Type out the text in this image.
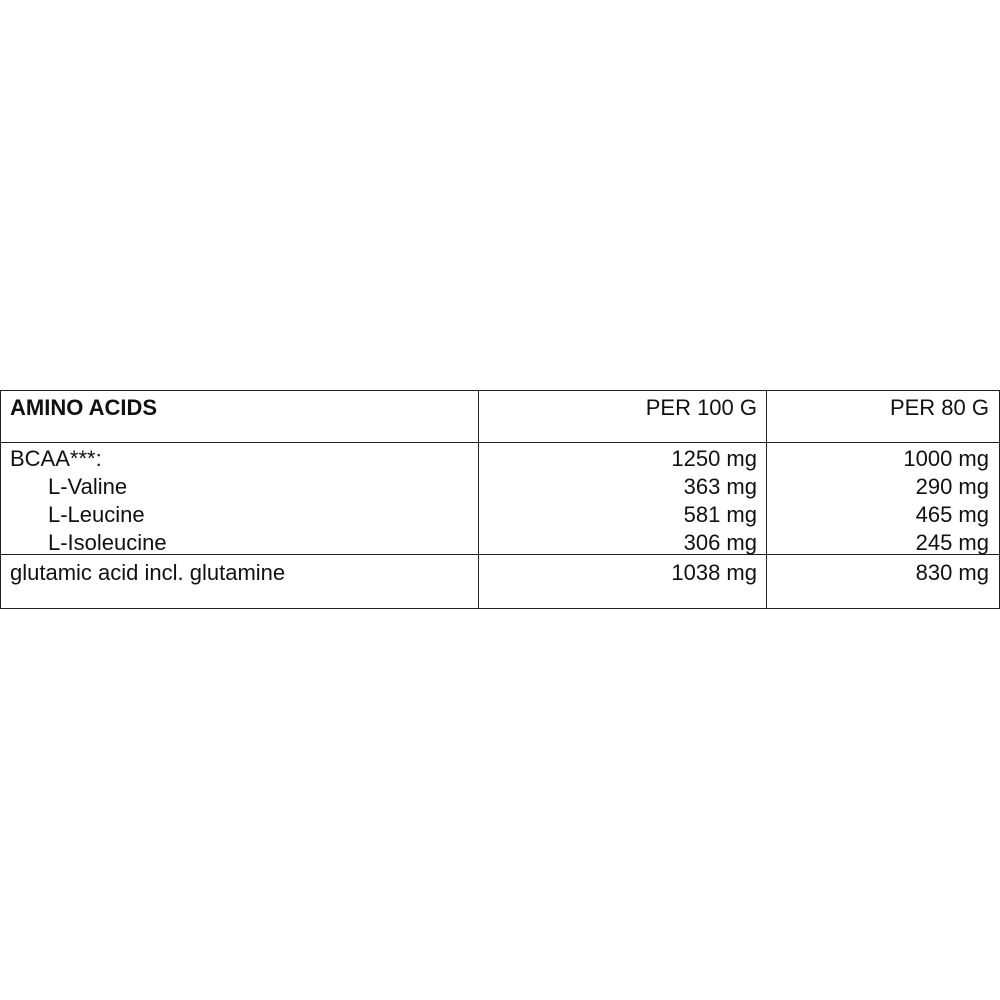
AMINO ACIDS	PER 100 G	PER 80 G
BCAA***:	1250 mg	1000 mg
L-Valine	363 mg	290 mg
L-Leucine	581 mg	465 mg
L-Isoleucine	306 mg	245 mg
glutamic acid incl. glutamine	1038 mg	830 mg
